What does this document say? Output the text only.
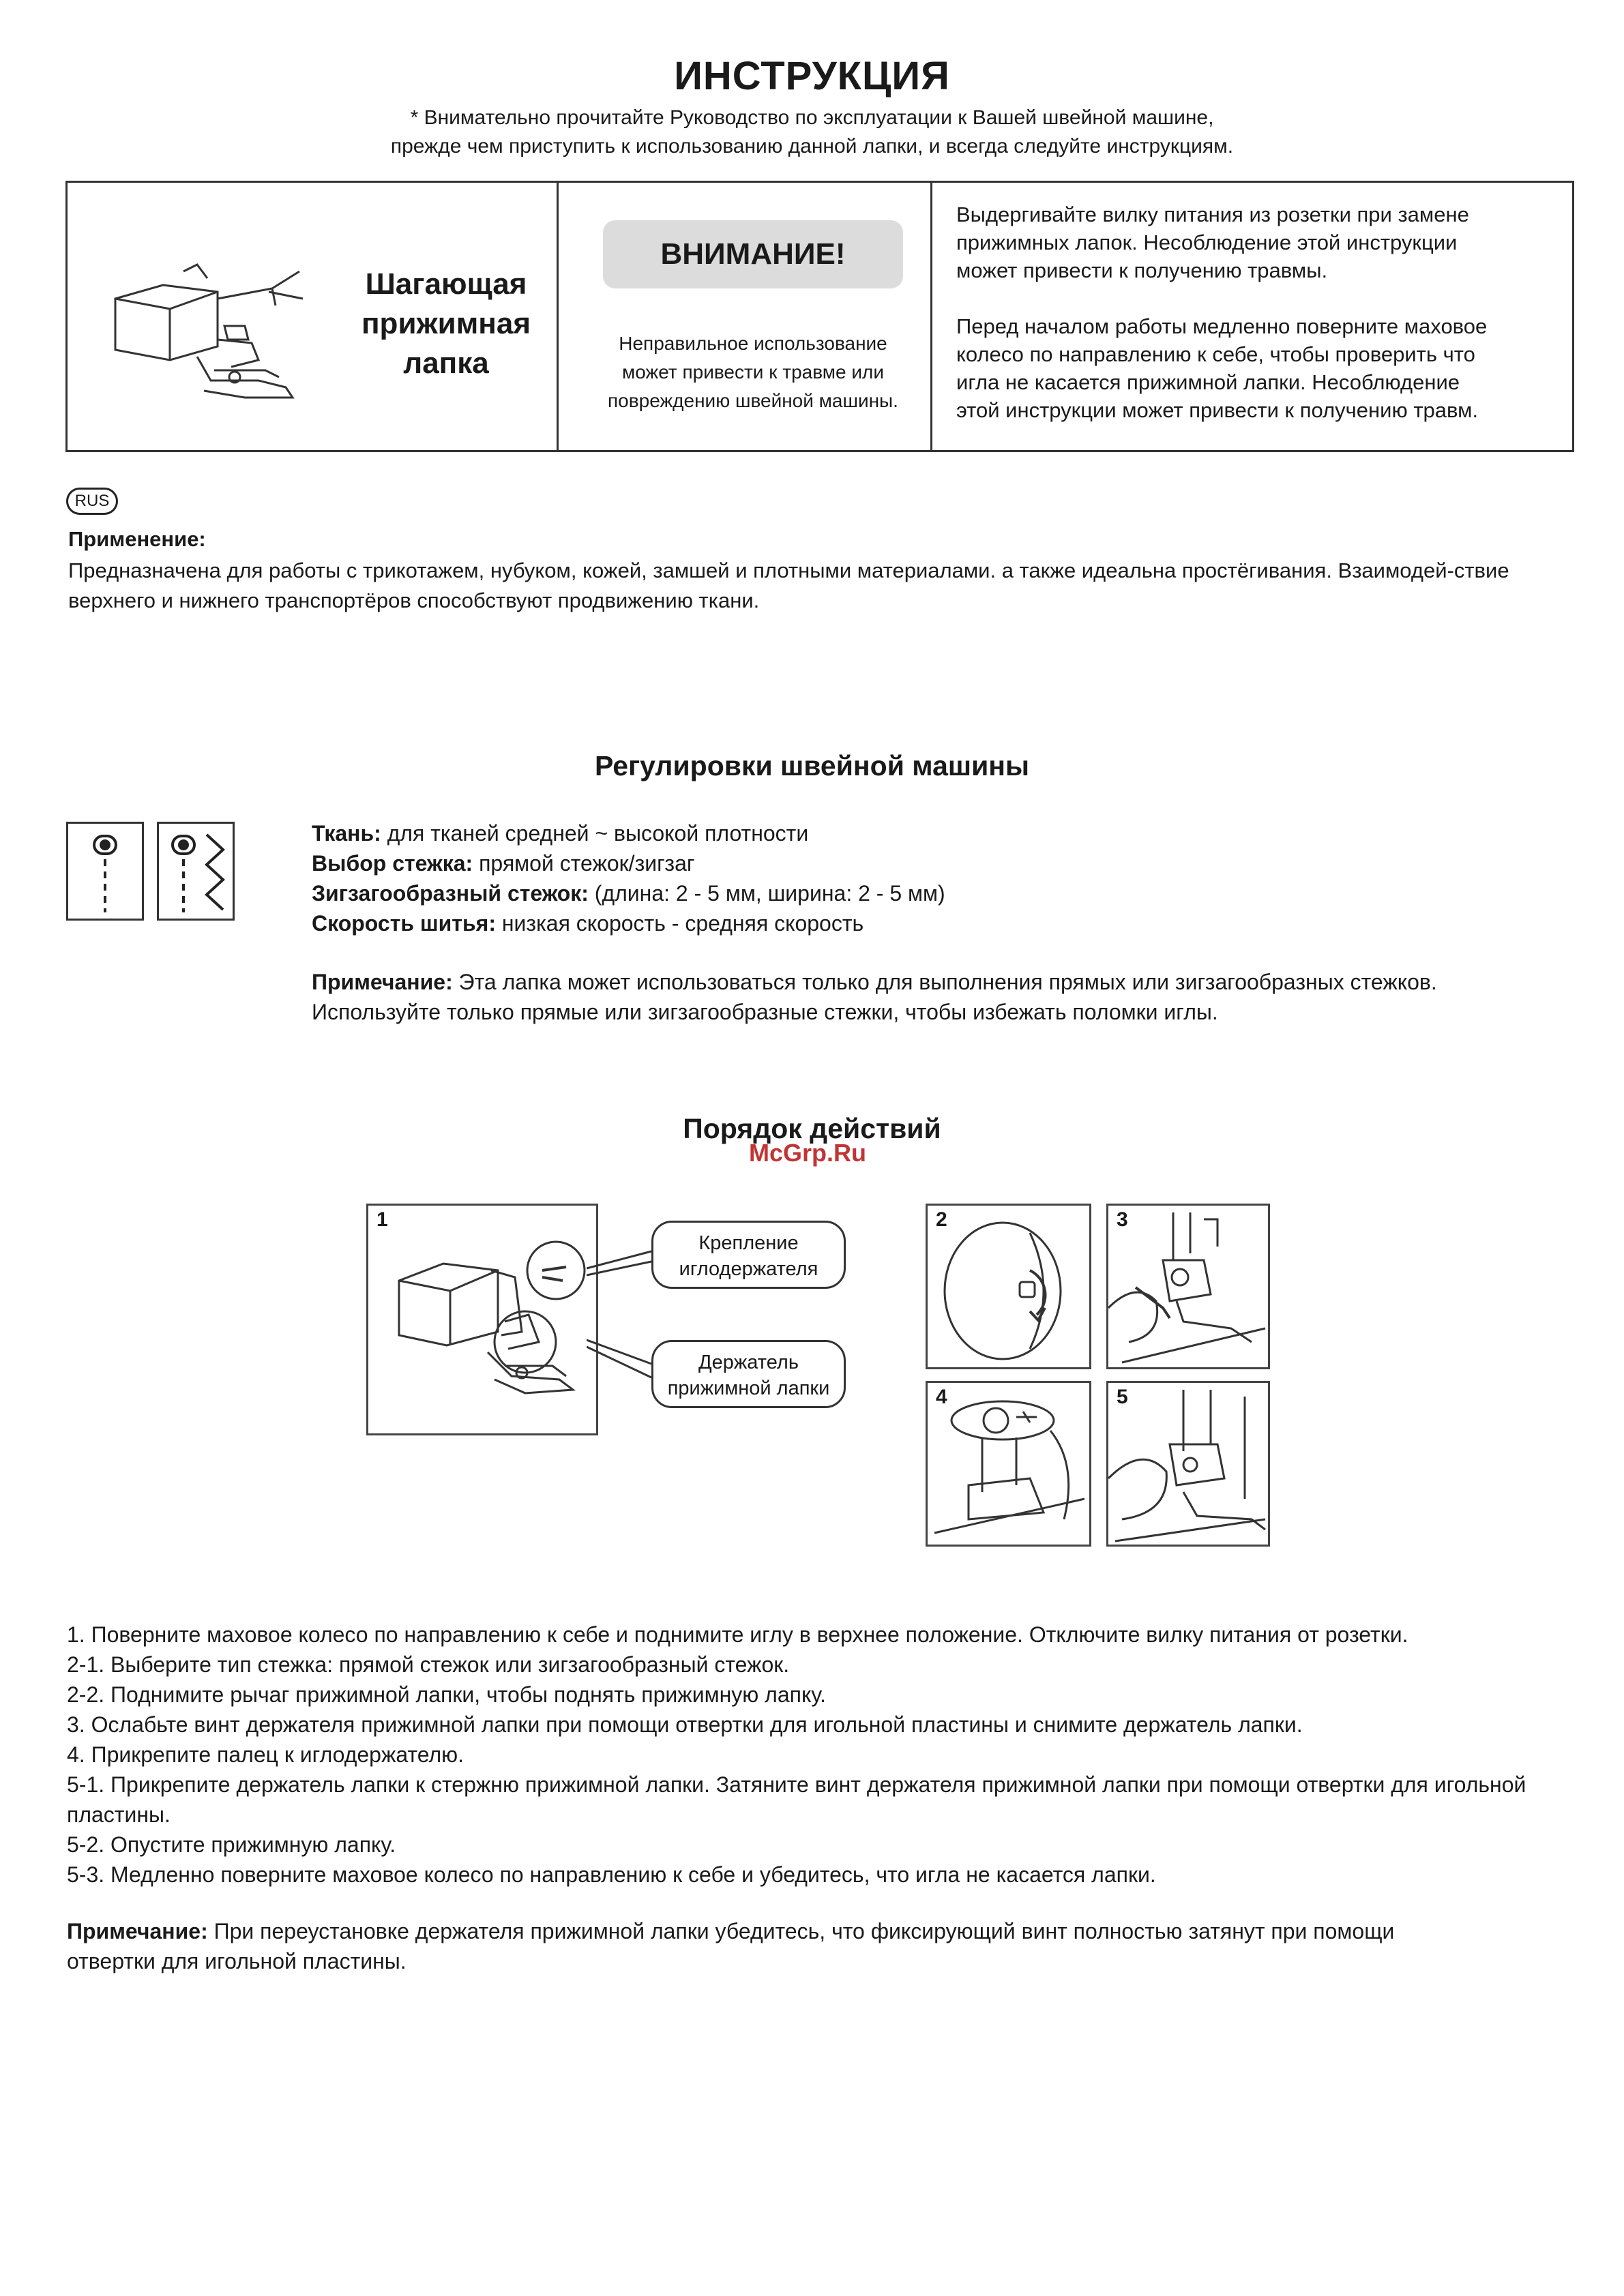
ИНСТРУКЦИЯ
* Внимательно прочитайте Руководство по эксплуатации к Вашей швейной машине,
прежде чем приступить к использованию данной лапки, и всегда следуйте инструкциям.
Шагающая
прижимная
лапка
ВНИМАНИЕ!
Неправильное использование
может привести к травме или
повреждению швейной машины.
Выдергивайте вилку питания из розетки при замене
прижимных лапок. Несоблюдение этой инструкции
может привести к получению травмы.
Перед началом работы медленно поверните маховое
колесо по направлению к себе, чтобы проверить что
игла не касается прижимной лапки. Несоблюдение
этой инструкции может привести к получению травм.
RUS
Применение:
Предназначена для работы с трикотажем, нубуком, кожей, замшей и плотными материалами. а также идеальна простёгивания. Взаимодей-ствие верхнего и нижнего транспортёров способствуют продвижению ткани.
Регулировки швейной машины
Ткань: для тканей средней ~ высокой плотности
Выбор стежка: прямой стежок/зигзаг
Зигзагообразный стежок: (длина: 2 - 5 мм, ширина: 2 - 5 мм)
Скорость шитья: низкая скорость - средняя скорость
Примечание: Эта лапка может использоваться только для выполнения прямых или зигзагообразных стежков.
Используйте только прямые или зигзагообразные стежки, чтобы избежать поломки иглы.
Порядок действий
McGrp.Ru
1
Крепление
иглодержателя
Держатель
прижимной лапки
2	3
4	5
1. Поверните маховое колесо по направлению к себе и поднимите иглу в верхнее положение. Отключите вилку питания от розетки.
2-1. Выберите тип стежка: прямой стежок или зигзагообразный стежок.
2-2. Поднимите рычаг прижимной лапки, чтобы поднять прижимную лапку.
3. Ослабьте винт держателя прижимной лапки при помощи отвертки для игольной пластины и снимите держатель лапки.
4. Прикрепите палец к иглодержателю.
5-1. Прикрепите держатель лапки к стержню прижимной лапки. Затяните винт держателя прижимной лапки при помощи отвертки для игольной пластины.
5-2. Опустите прижимную лапку.
5-3. Медленно поверните маховое колесо по направлению к себе и убедитесь, что игла не касается лапки.
Примечание: При переустановке держателя прижимной лапки убедитесь, что фиксирующий винт полностью затянут при помощи
отвертки для игольной пластины.
